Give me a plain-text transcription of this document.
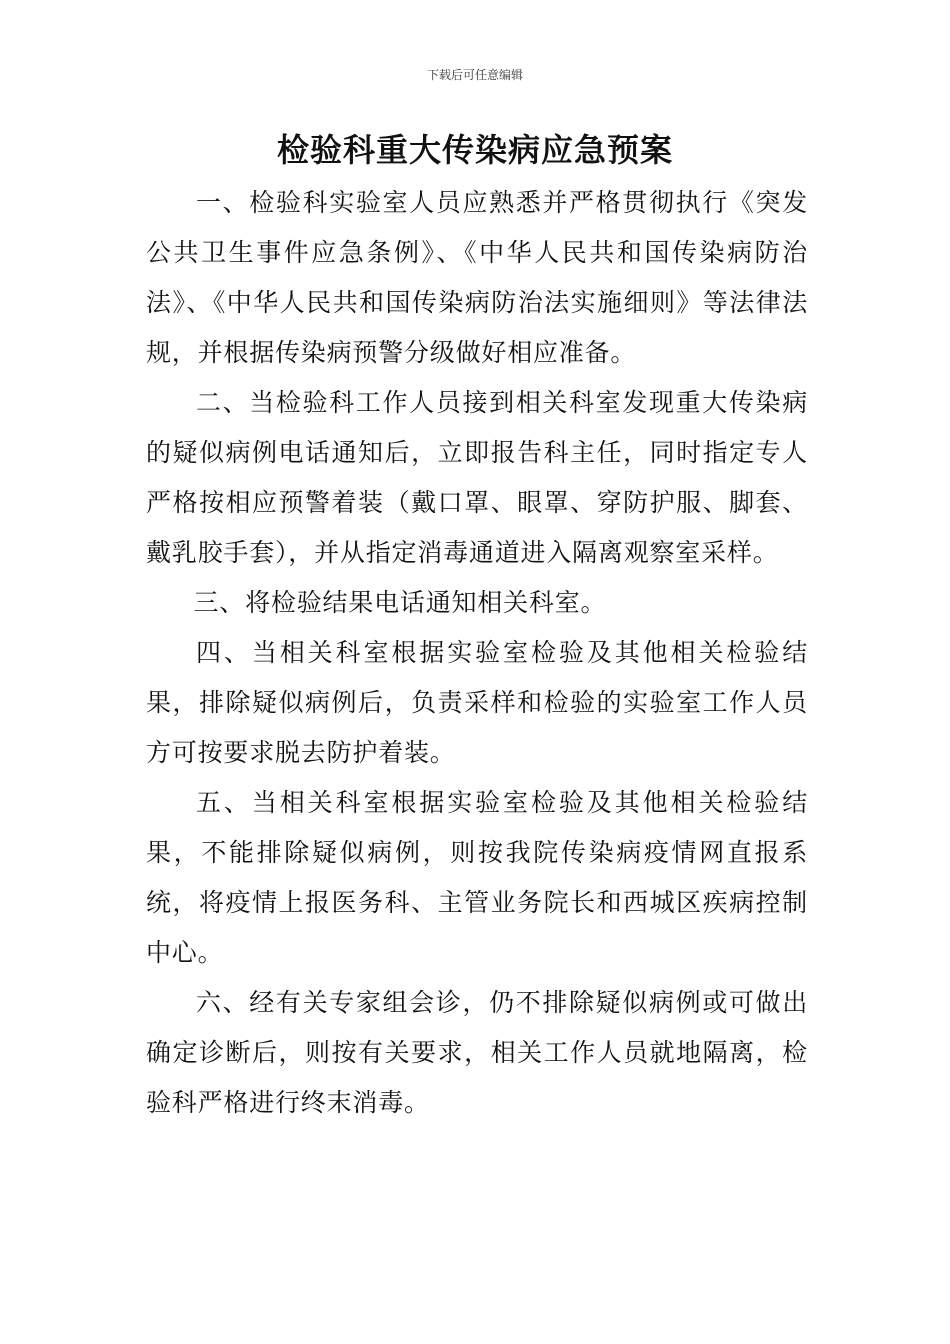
下载后可任意编辑
检验科重大传染病应急预案

一、检验科实验室人员应熟悉并严格贯彻执行《突发公共卫生事件应急条例》、《中华人民共和国传染病防治法》、《中华人民共和国传染病防治法实施细则》等法律法规，并根据传染病预警分级做好相应准备。

二、当检验科工作人员接到相关科室发现重大传染病的疑似病例电话通知后，立即报告科主任，同时指定专人严格按相应预警着装（戴口罩、眼罩、穿防护服、脚套、戴乳胶手套），并从指定消毒通道进入隔离观察室采样。

三、将检验结果电话通知相关科室。

四、当相关科室根据实验室检验及其他相关检验结果，排除疑似病例后，负责采样和检验的实验室工作人员方可按要求脱去防护着装。

五、当相关科室根据实验室检验及其他相关检验结果，不能排除疑似病例，则按我院传染病疫情网直报系统，将疫情上报医务科、主管业务院长和西城区疾病控制中心。

六、经有关专家组会诊，仍不排除疑似病例或可做出确定诊断后，则按有关要求，相关工作人员就地隔离，检验科严格进行终末消毒。
